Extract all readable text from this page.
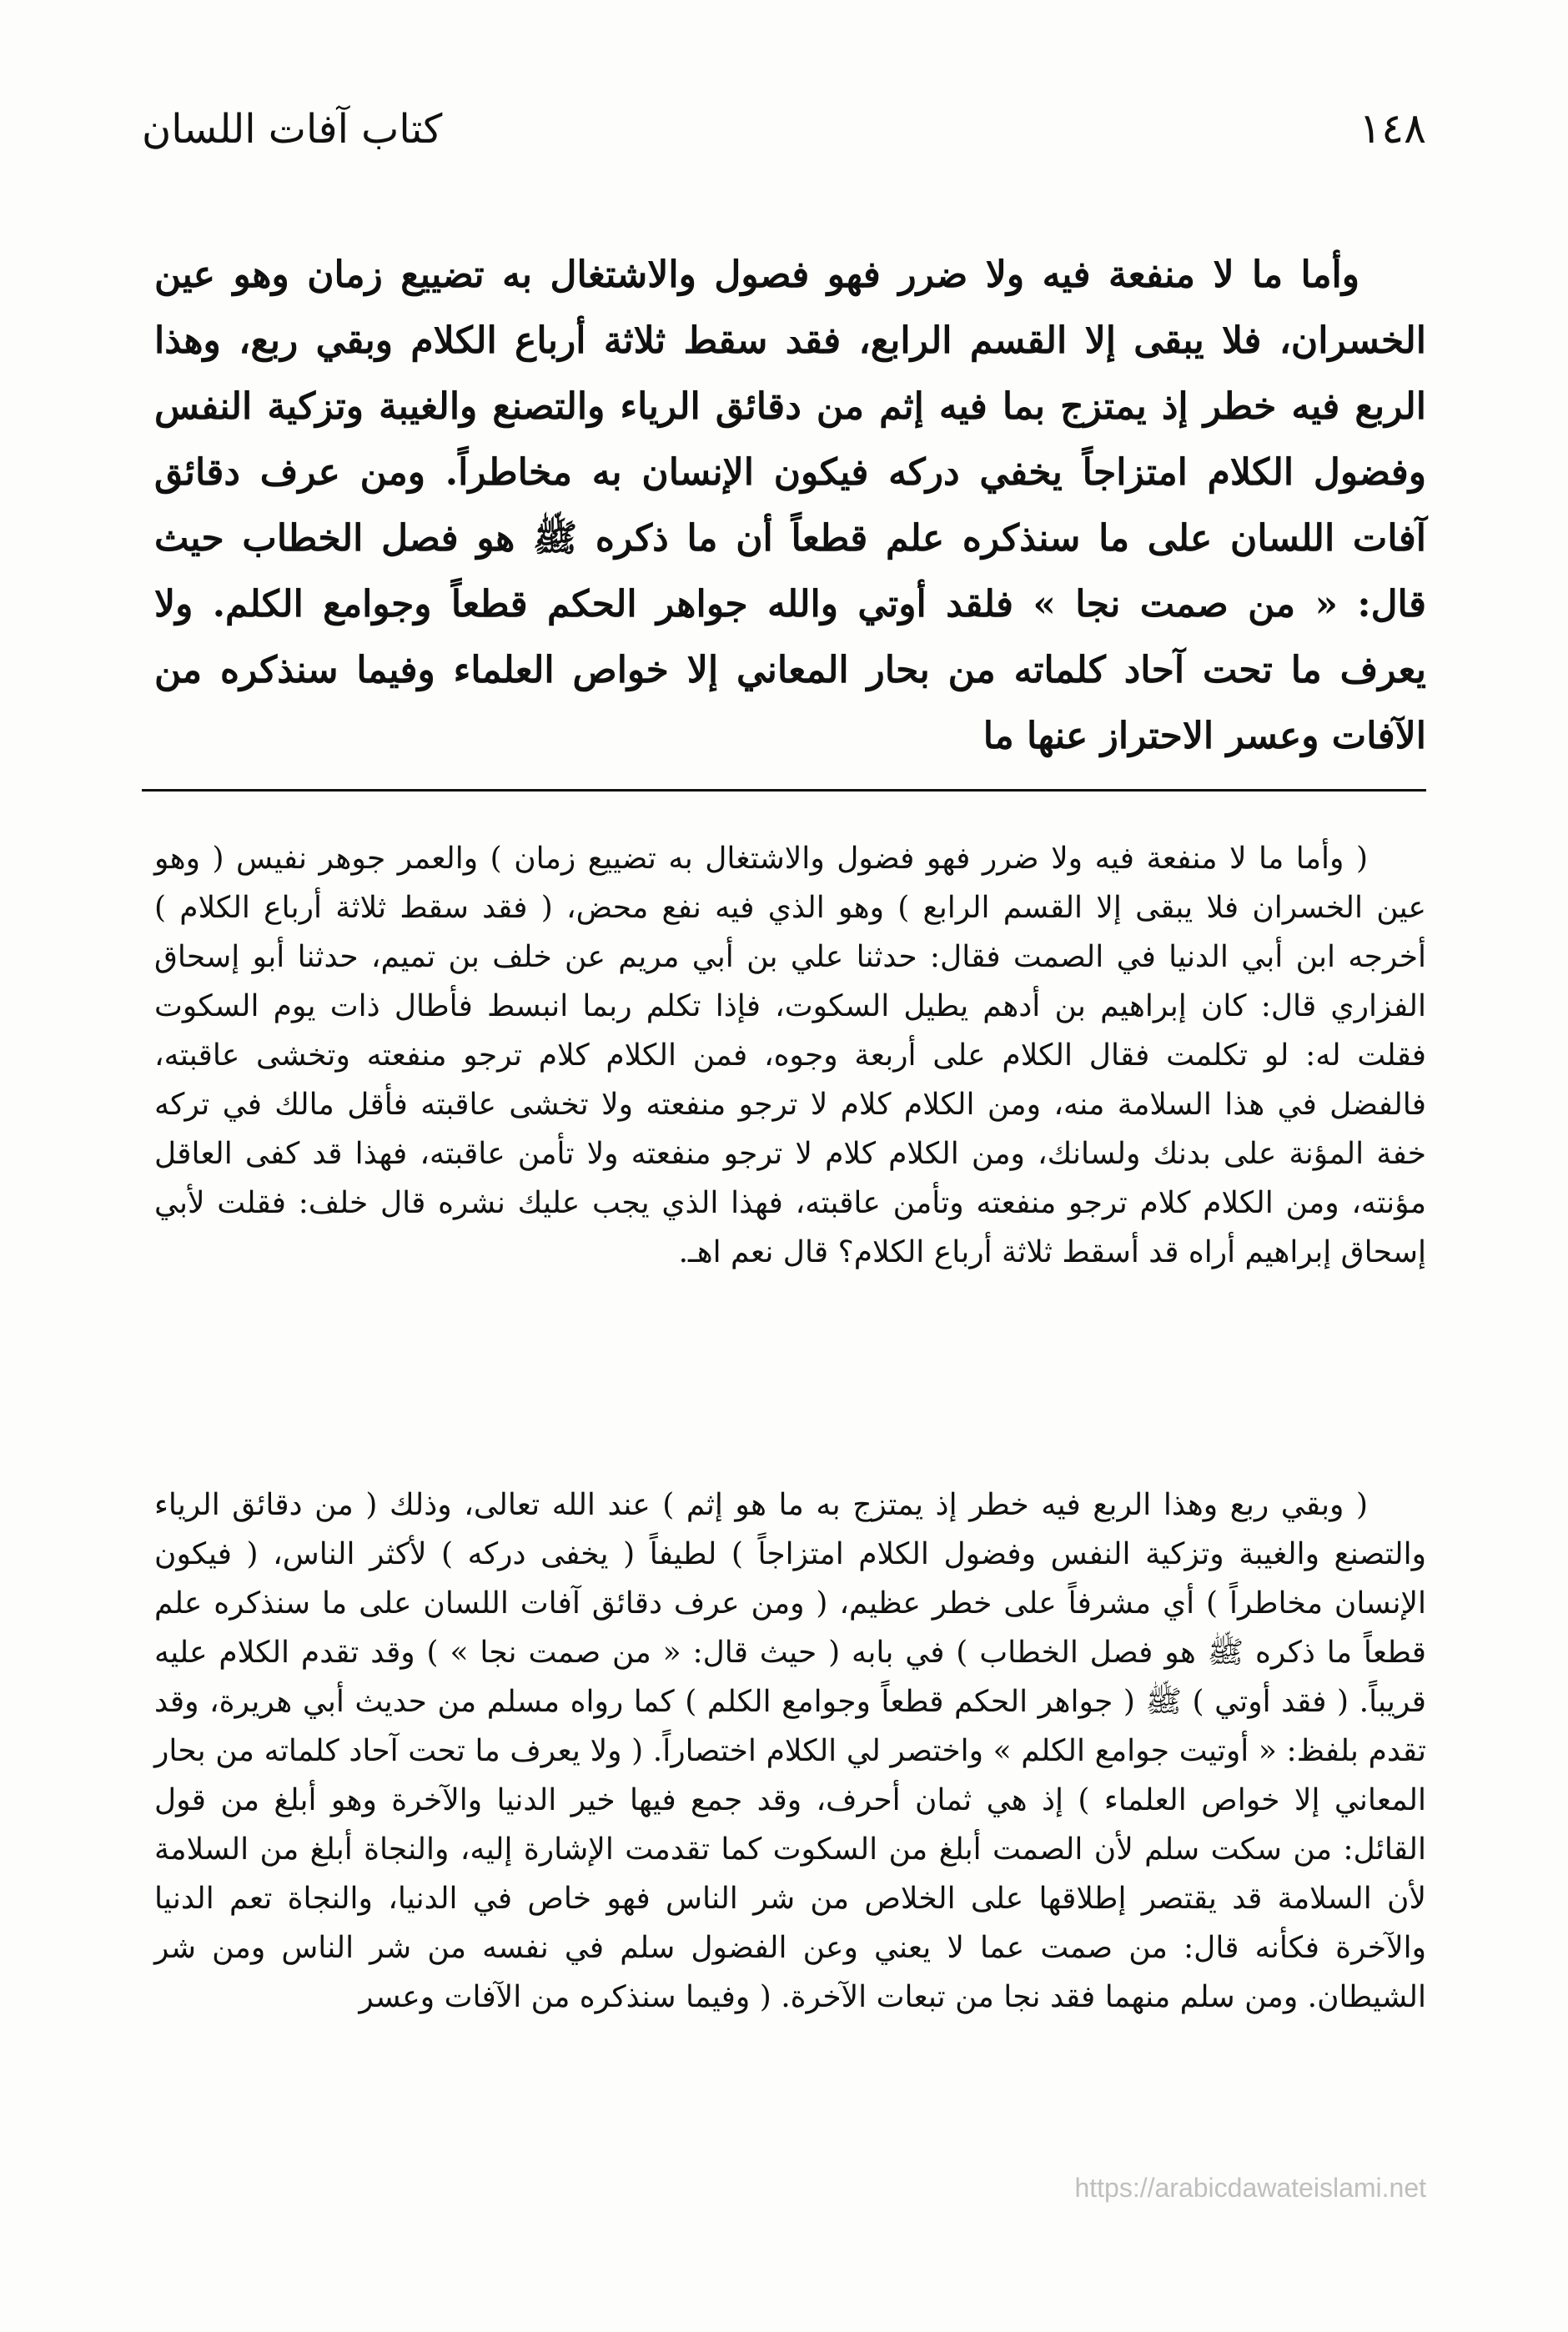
١٤٨
كتاب آفات اللسان

وأما ما لا منفعة فيه ولا ضرر فهو فصول والاشتغال به تضييع زمان وهو عين الخسران، فلا يبقى إلا القسم الرابع، فقد سقط ثلاثة أرباع الكلام وبقي ربع، وهذا الربع فيه خطر إذ يمتزج بما فيه إثم من دقائق الرياء والتصنع والغيبة وتزكية النفس وفضول الكلام امتزاجاً يخفي دركه فيكون الإنسان به مخاطراً. ومن عرف دقائق آفات اللسان على ما سنذكره علم قطعاً أن ما ذكره ﷺ هو فصل الخطاب حيث قال: « من صمت نجا » فلقد أوتي والله جواهر الحكم قطعاً وجوامع الكلم. ولا يعرف ما تحت آحاد كلماته من بحار المعاني إلا خواص العلماء وفيما سنذكره من الآفات وعسر الاحتراز عنها ما

( وأما ما لا منفعة فيه ولا ضرر فهو فضول والاشتغال به تضييع زمان ) والعمر جوهر نفيس ( وهو عين الخسران فلا يبقى إلا القسم الرابع ) وهو الذي فيه نفع محض، ( فقد سقط ثلاثة أرباع الكلام ) أخرجه ابن أبي الدنيا في الصمت فقال: حدثنا علي بن أبي مريم عن خلف بن تميم، حدثنا أبو إسحاق الفزاري قال: كان إبراهيم بن أدهم يطيل السكوت، فإذا تكلم ربما انبسط فأطال ذات يوم السكوت فقلت له: لو تكلمت فقال الكلام على أربعة وجوه، فمن الكلام كلام ترجو منفعته وتخشى عاقبته، فالفضل في هذا السلامة منه، ومن الكلام كلام لا ترجو منفعته ولا تخشى عاقبته فأقل مالك في تركه خفة المؤنة على بدنك ولسانك، ومن الكلام كلام لا ترجو منفعته ولا تأمن عاقبته، فهذا قد كفى العاقل مؤنته، ومن الكلام كلام ترجو منفعته وتأمن عاقبته، فهذا الذي يجب عليك نشره قال خلف: فقلت لأبي إسحاق إبراهيم أراه قد أسقط ثلاثة أرباع الكلام؟ قال نعم اهـ.

( وبقي ربع وهذا الربع فيه خطر إذ يمتزج به ما هو إثم ) عند الله تعالى، وذلك ( من دقائق الرياء والتصنع والغيبة وتزكية النفس وفضول الكلام امتزاجاً ) لطيفاً ( يخفى دركه ) لأكثر الناس، ( فيكون الإنسان مخاطراً ) أي مشرفاً على خطر عظيم، ( ومن عرف دقائق آفات اللسان على ما سنذكره علم قطعاً ما ذكره ﷺ هو فصل الخطاب ) في بابه ( حيث قال: « من صمت نجا » ) وقد تقدم الكلام عليه قريباً. ( فقد أوتي ) ﷺ ( جواهر الحكم قطعاً وجوامع الكلم ) كما رواه مسلم من حديث أبي هريرة، وقد تقدم بلفظ: « أوتيت جوامع الكلم » واختصر لي الكلام اختصاراً. ( ولا يعرف ما تحت آحاد كلماته من بحار المعاني إلا خواص العلماء ) إذ هي ثمان أحرف، وقد جمع فيها خير الدنيا والآخرة وهو أبلغ من قول القائل: من سكت سلم لأن الصمت أبلغ من السكوت كما تقدمت الإشارة إليه، والنجاة أبلغ من السلامة لأن السلامة قد يقتصر إطلاقها على الخلاص من شر الناس فهو خاص في الدنيا، والنجاة تعم الدنيا والآخرة فكأنه قال: من صمت عما لا يعني وعن الفضول سلم في نفسه من شر الناس ومن شر الشيطان. ومن سلم منهما فقد نجا من تبعات الآخرة. ( وفيما سنذكره من الآفات وعسر

https://arabicdawateislami.net
